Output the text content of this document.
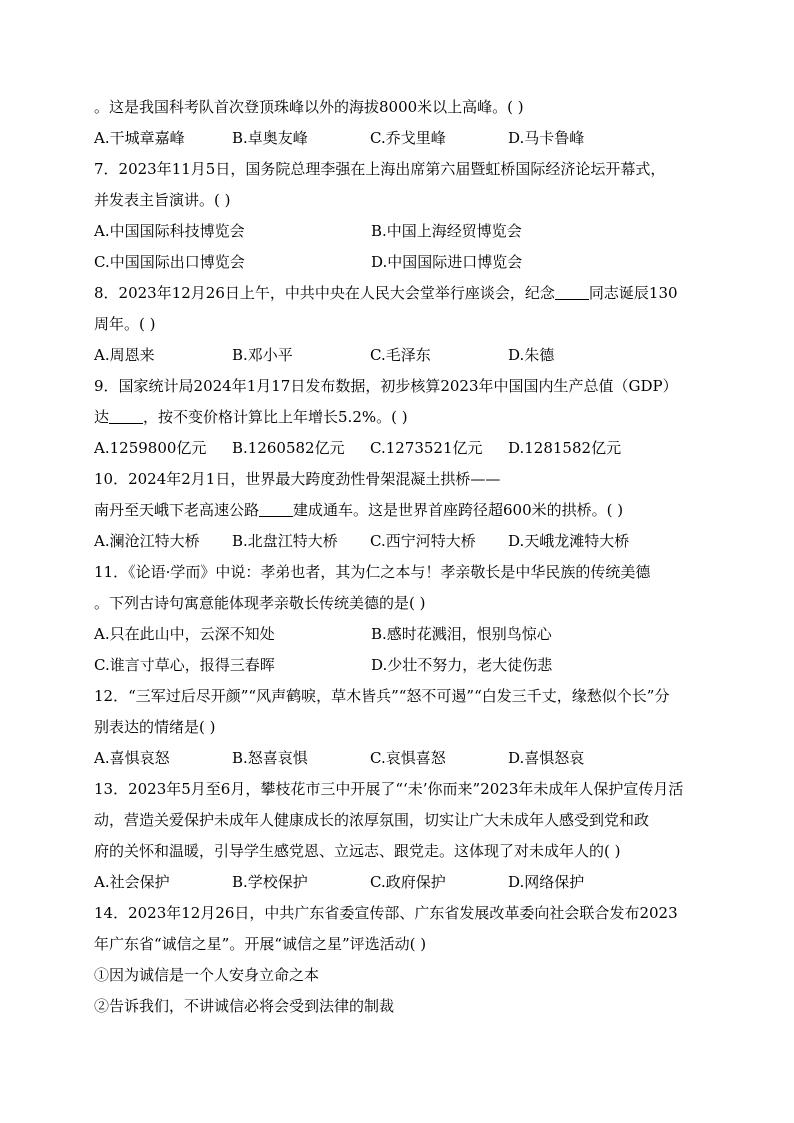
。这是我国科考队首次登顶珠峰以外的海拔8000米以上高峰。( )
A.干城章嘉峰	B.卓奥友峰	C.乔戈里峰	D.马卡鲁峰
7．2023年11月5日，国务院总理李强在上海出席第六届暨虹桥国际经济论坛开幕式，
并发表主旨演讲。( )
A.中国国际科技博览会	B.中国上海经贸博览会
C.中国国际出口博览会	D.中国国际进口博览会
8．2023年12月26日上午，中共中央在人民大会堂举行座谈会，纪念 同志诞辰130
周年。( )
A.周恩来	B.邓小平	C.毛泽东	D.朱德
9．国家统计局2024年1月17日发布数据，初步核算2023年中国国内生产总值（GDP）
达 ，按不变价格计算比上年增长5.2%。( )
A.1259800亿元	B.1260582亿元	C.1273521亿元	D.1281582亿元
10．2024年2月1日，世界最大跨度劲性骨架混凝土拱桥——
南丹至天峨下老高速公路 建成通车。这是世界首座跨径超600米的拱桥。( )
A.澜沧江特大桥	B.北盘江特大桥	C.西宁河特大桥	D.天峨龙滩特大桥
11．《论语·学而》中说：孝弟也者，其为仁之本与！孝亲敬长是中华民族的传统美德
。下列古诗句寓意能体现孝亲敬长传统美德的是( )
A.只在此山中，云深不知处	B.感时花溅泪，恨别鸟惊心
C.谁言寸草心，报得三春晖	D.少壮不努力，老大徒伤悲
12．“三军过后尽开颜”“风声鹤唳，草木皆兵”“怒不可遏”“白发三千丈，缘愁似个长”分
别表达的情绪是( )
A.喜惧哀怒	B.怒喜哀惧	C.哀惧喜怒	D.喜惧怒哀
13．2023年5月至6月，攀枝花市三中开展了“‘未’你而来”2023年未成年人保护宣传月活
动，营造关爱保护未成年人健康成长的浓厚氛围，切实让广大未成年人感受到党和政
府的关怀和温暖，引导学生感党恩、立远志、跟党走。这体现了对未成年人的( )
A.社会保护	B.学校保护	C.政府保护	D.网络保护
14．2023年12月26日，中共广东省委宣传部、广东省发展改革委向社会联合发布2023
年广东省“诚信之星”。开展“诚信之星”评选活动( )
①因为诚信是一个人安身立命之本
②告诉我们，不讲诚信必将会受到法律的制裁
